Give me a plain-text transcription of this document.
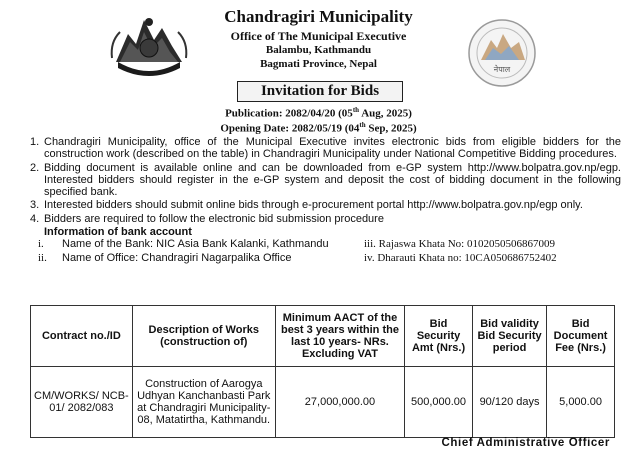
Chandragiri Municipality
Office of The Municipal Executive
Balambu, Kathmandu
Bagmati Province, Nepal	नेपाल
Invitation for Bids
Publication: 2082/04/20 (05th Aug, 2025)
Opening Date: 2082/05/19 (04th Sep, 2025)
1. Chandragiri Municipality, office of the Municipal Executive invites electronic bids from eligible bidders for the construction work (described on the table) in Chandragiri Municipality under National Competitive Bidding procedures.
2. Bidding document is available online and can be downloaded from e-GP system http://www.bolpatra.gov.np/egp. Interested bidders should register in the e-GP system and deposit the cost of bidding document in the following specified bank.
3. Interested bidders should submit online bids through e-procurement portal http://www.bolpatra.gov.np/egp only.
4. Bidders are required to follow the electronic bid submission procedure
Information of bank account
i. Name of the Bank: NIC Asia Bank Kalanki, Kathmandu	iii. Rajaswa Khata No: 0102050506867009
ii. Name of Office: Chandragiri Nagarpalika Office	iv. Dharauti Khata no: 10CA050686752402
Contract no./ID	Description of Works (construction of)	Minimum AACT of the best 3 years within the last 10 years- NRs. Excluding VAT	Bid Security Amt (Nrs.)	Bid validity Bid Security period	Bid Document Fee (Nrs.)
CM/WORKS/ NCB-01/ 2082/083	Construction of Aarogya Udhyan Kanchanbasti Park at Chandragiri Municipality-08, Matatirtha, Kathmandu.	27,000,000.00	500,000.00	90/120 days	5,000.00
Chief Administrative Officer
